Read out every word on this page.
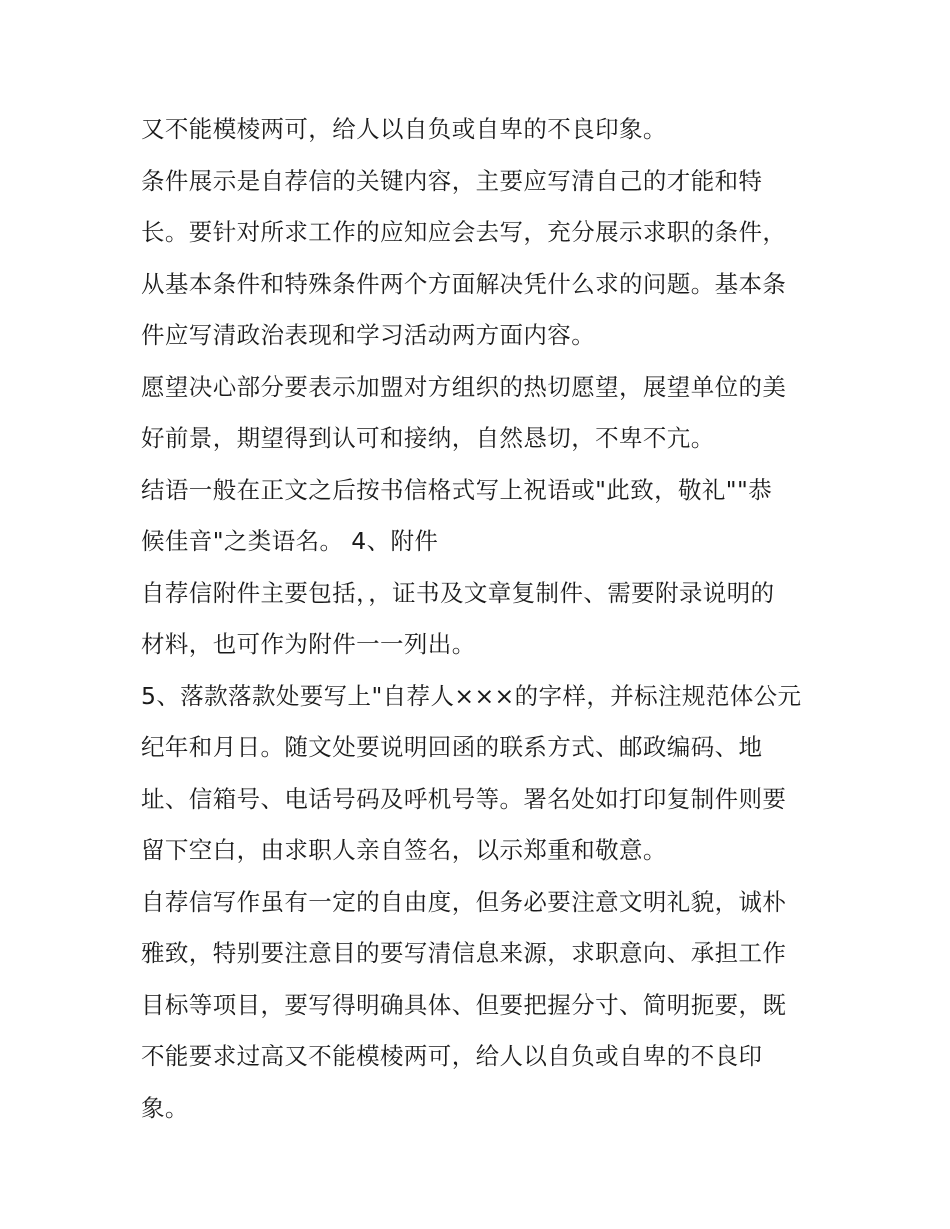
又不能模棱两可，给人以自负或自卑的不良印象。
条件展示是自荐信的关键内容，主要应写清自己的才能和特
长。要针对所求工作的应知应会去写，充分展示求职的条件，
从基本条件和特殊条件两个方面解决凭什么求的问题。基本条
件应写清政治表现和学习活动两方面内容。
愿望决心部分要表示加盟对方组织的热切愿望，展望单位的美
好前景，期望得到认可和接纳，自然恳切，不卑不亢。
结语一般在正文之后按书信格式写上祝语或"此致，敬礼""恭
候佳音"之类语名。 4、附件
自荐信附件主要包括，，证书及文章复制件、需要附录说明的
材料，也可作为附件一一列出。
5、落款落款处要写上"自荐人×××的字样，并标注规范体公元
纪年和月日。随文处要说明回函的联系方式、邮政编码、地
址、信箱号、电话号码及呼机号等。署名处如打印复制件则要
留下空白，由求职人亲自签名，以示郑重和敬意。
自荐信写作虽有一定的自由度，但务必要注意文明礼貌，诚朴
雅致，特别要注意目的要写清信息来源，求职意向、承担工作
目标等项目，要写得明确具体、但要把握分寸、简明扼要，既
不能要求过高又不能模棱两可，给人以自负或自卑的不良印
象。
